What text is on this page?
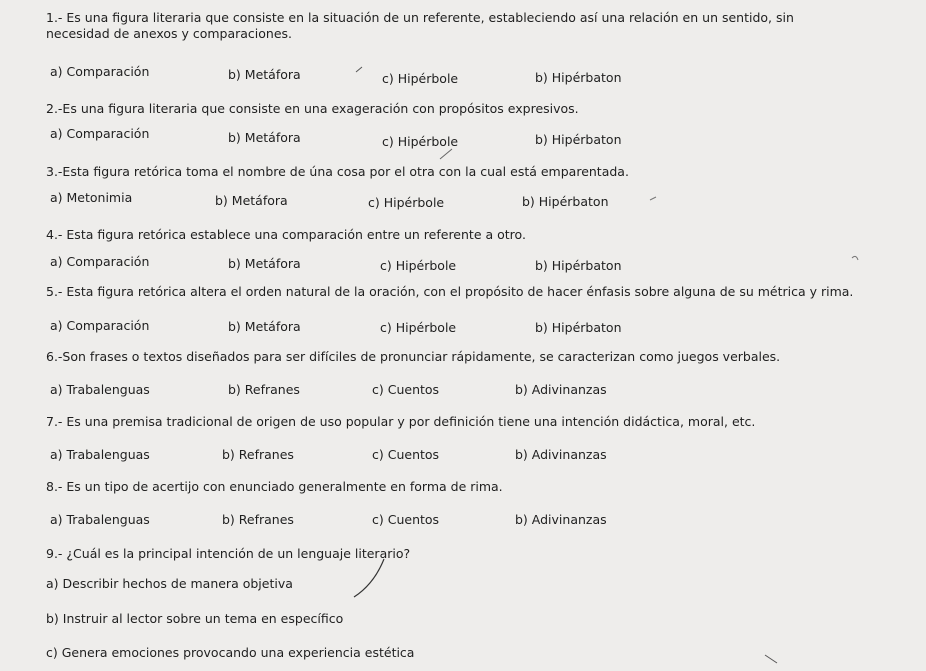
1.- Es una figura literaria que consiste en la situación de un referente, estableciendo así una relación en un sentido, sin necesidad de anexos y comparaciones.
a) Comparación	b) Metáfora	c) Hipérbole	b) Hipérbaton
2.-Es una figura literaria que consiste en una exageración con propósitos expresivos.
a) Comparación	b) Metáfora	c) Hipérbole	b) Hipérbaton
3.-Esta figura retórica toma el nombre de úna cosa por el otra con la cual está emparentada.
a) Metonimia	b) Metáfora	c) Hipérbole	b) Hipérbaton
4.- Esta figura retórica establece una comparación entre un referente a otro.
a) Comparación	b) Metáfora	c) Hipérbole	b) Hipérbaton
5.- Esta figura retórica altera el orden natural de la oración, con el propósito de hacer énfasis sobre alguna de su métrica y rima.
a) Comparación	b) Metáfora	c) Hipérbole	b) Hipérbaton
6.-Son frases o textos diseñados para ser difíciles de pronunciar rápidamente, se caracterizan como juegos verbales.
a) Trabalenguas	b) Refranes	c) Cuentos	b) Adivinanzas
7.- Es una premisa tradicional de origen de uso popular y por definición tiene una intención didáctica, moral, etc.
a) Trabalenguas	b) Refranes	c) Cuentos	b) Adivinanzas
8.- Es un tipo de acertijo con enunciado generalmente en forma de rima.
a) Trabalenguas	b) Refranes	c) Cuentos	b) Adivinanzas
9.- ¿Cuál es la principal intención de un lenguaje literario?
a) Describir hechos de manera objetiva
b) Instruir al lector sobre un tema en específico
c) Genera emociones provocando una experiencia estética
